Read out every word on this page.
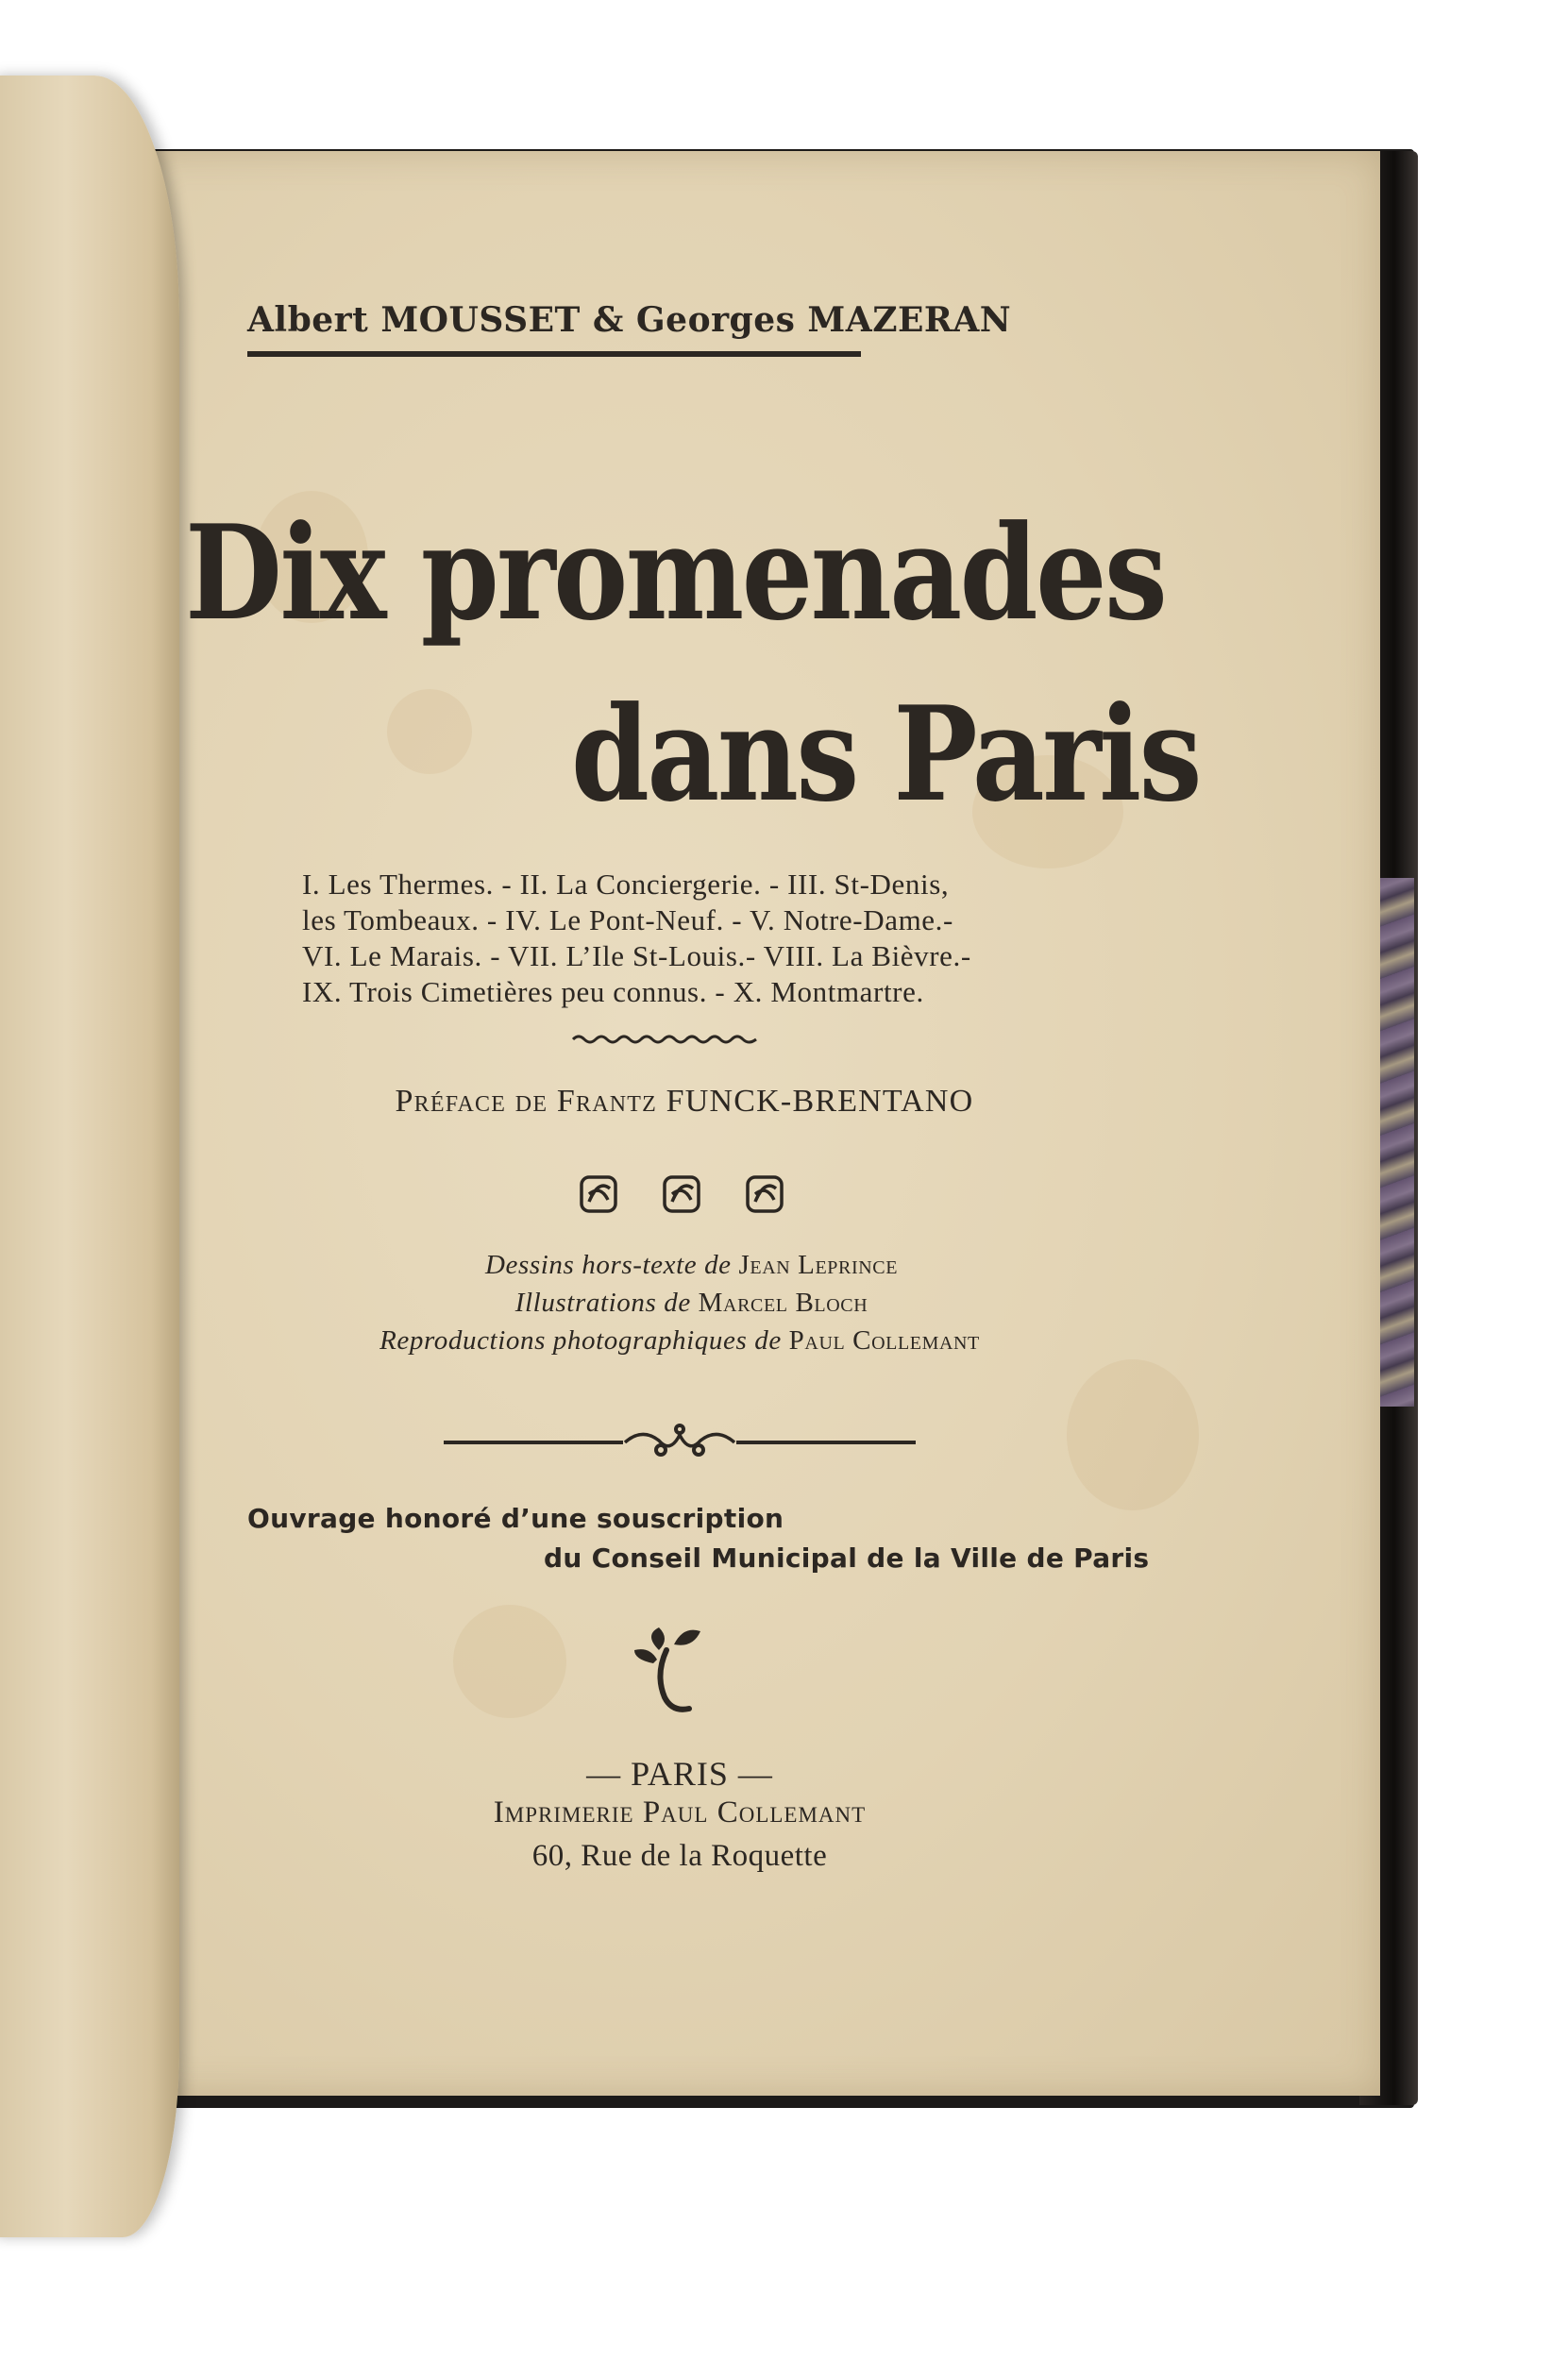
Albert MOUSSET & Georges MAZERAN

Dix promenades

dans Paris

I. Les Thermes. - II. La Conciergerie. - III. St-Denis,
les Tombeaux. - IV. Le Pont-Neuf. - V. Notre-Dame.-
VI. Le Marais. - VII. L’Ile St-Louis.- VIII. La Bièvre.-
IX. Trois Cimetières peu connus. - X. Montmartre.

Préface de Frantz FUNCK-BRENTANO

Dessins hors-texte de Jean Leprince

Illustrations de Marcel Bloch

Reproductions photographiques de Paul Collemant

Ouvrage honoré d’une souscription

du Conseil Municipal de la Ville de Paris

— PARIS —

Imprimerie Paul Collemant

60, Rue de la Roquette
